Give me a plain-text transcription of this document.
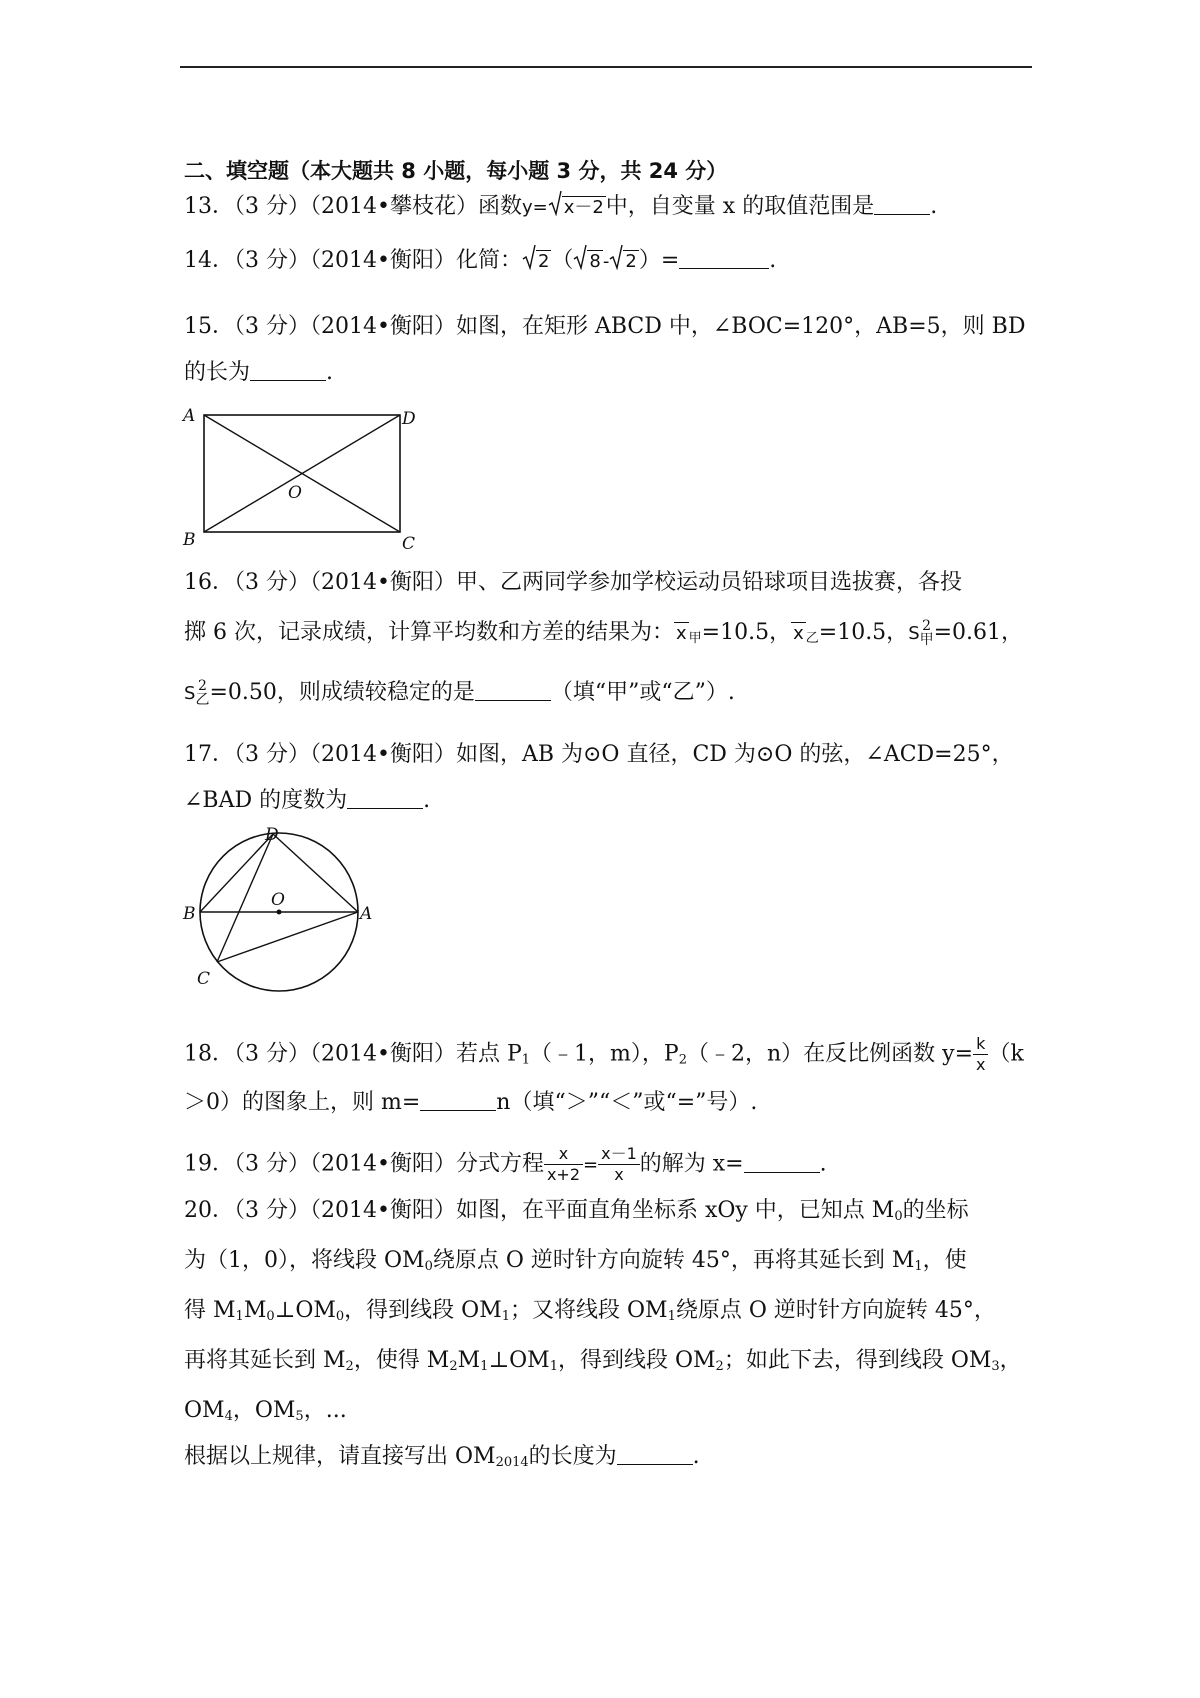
二、填空题（本大题共 8 小题，每小题 3 分，共 24 分）
13．（3 分）（2014•攀枝花）函数y= x－2中，自变量 x 的取值范围是	.
14．（3 分）（2014•衡阳）化简： 2（ 8 - 2）=	.
15．（3 分）（2014•衡阳）如图，在矩形 ABCD 中，∠BOC=120°，AB=5，则 BD
的长为	.
A	D
B	C
O
16．（3 分）（2014•衡阳）甲、乙两同学参加学校运动员铅球项目选拔赛，各投
掷 6 次，记录成绩，计算平均数和方差的结果为： x $_甲$=10.5， x $_乙$=10.5，S 2
甲 =0.61，
S 2
乙 =0.50，则成绩较稳定的是	（填“甲”或“乙”）.
17．（3 分）（2014•衡阳）如图，AB 为⊙O 直径，CD 为⊙O 的弦，∠ACD=25°，
∠BAD 的度数为	.
D
O
B	A
C
18．（3 分）（2014•衡阳）若点 $P_1(﹣1$，m），$P_2(﹣2$，n）在反比例函数 $y= \frac{k}{x} (k$
＞0）的图象上，则 m=	n（填“＞”“＜”或“=”号）.
19．（3 分）（2014•衡阳）分式方程 $\frac{x}{x+2} = \frac{x-1}{x}$ 的解为 x=	.
20．（3 分）（2014•衡阳）如图，在平面直角坐标系 xOy 中，已知点 $M_0$的坐标
为（1，0），将线段 $OM_0$绕原点 O 逆时针方向旋转 45°，再将其延长到 $M_1$，使
得 $M_1M_0\perp OM_0$，得到线段 $OM_1$；又将线段 $OM_1$绕原点 O 逆时针方向旋转 45°，
再将其延长到 $M_2$，使得 $M_2M_1\perp OM_1$，得到线段 $OM_2$；如此下去，得到线段 $OM_3$，
$OM_4$，$OM_5$，...
根据以上规律，请直接写出 $OM_{2014}$的长度为	.
